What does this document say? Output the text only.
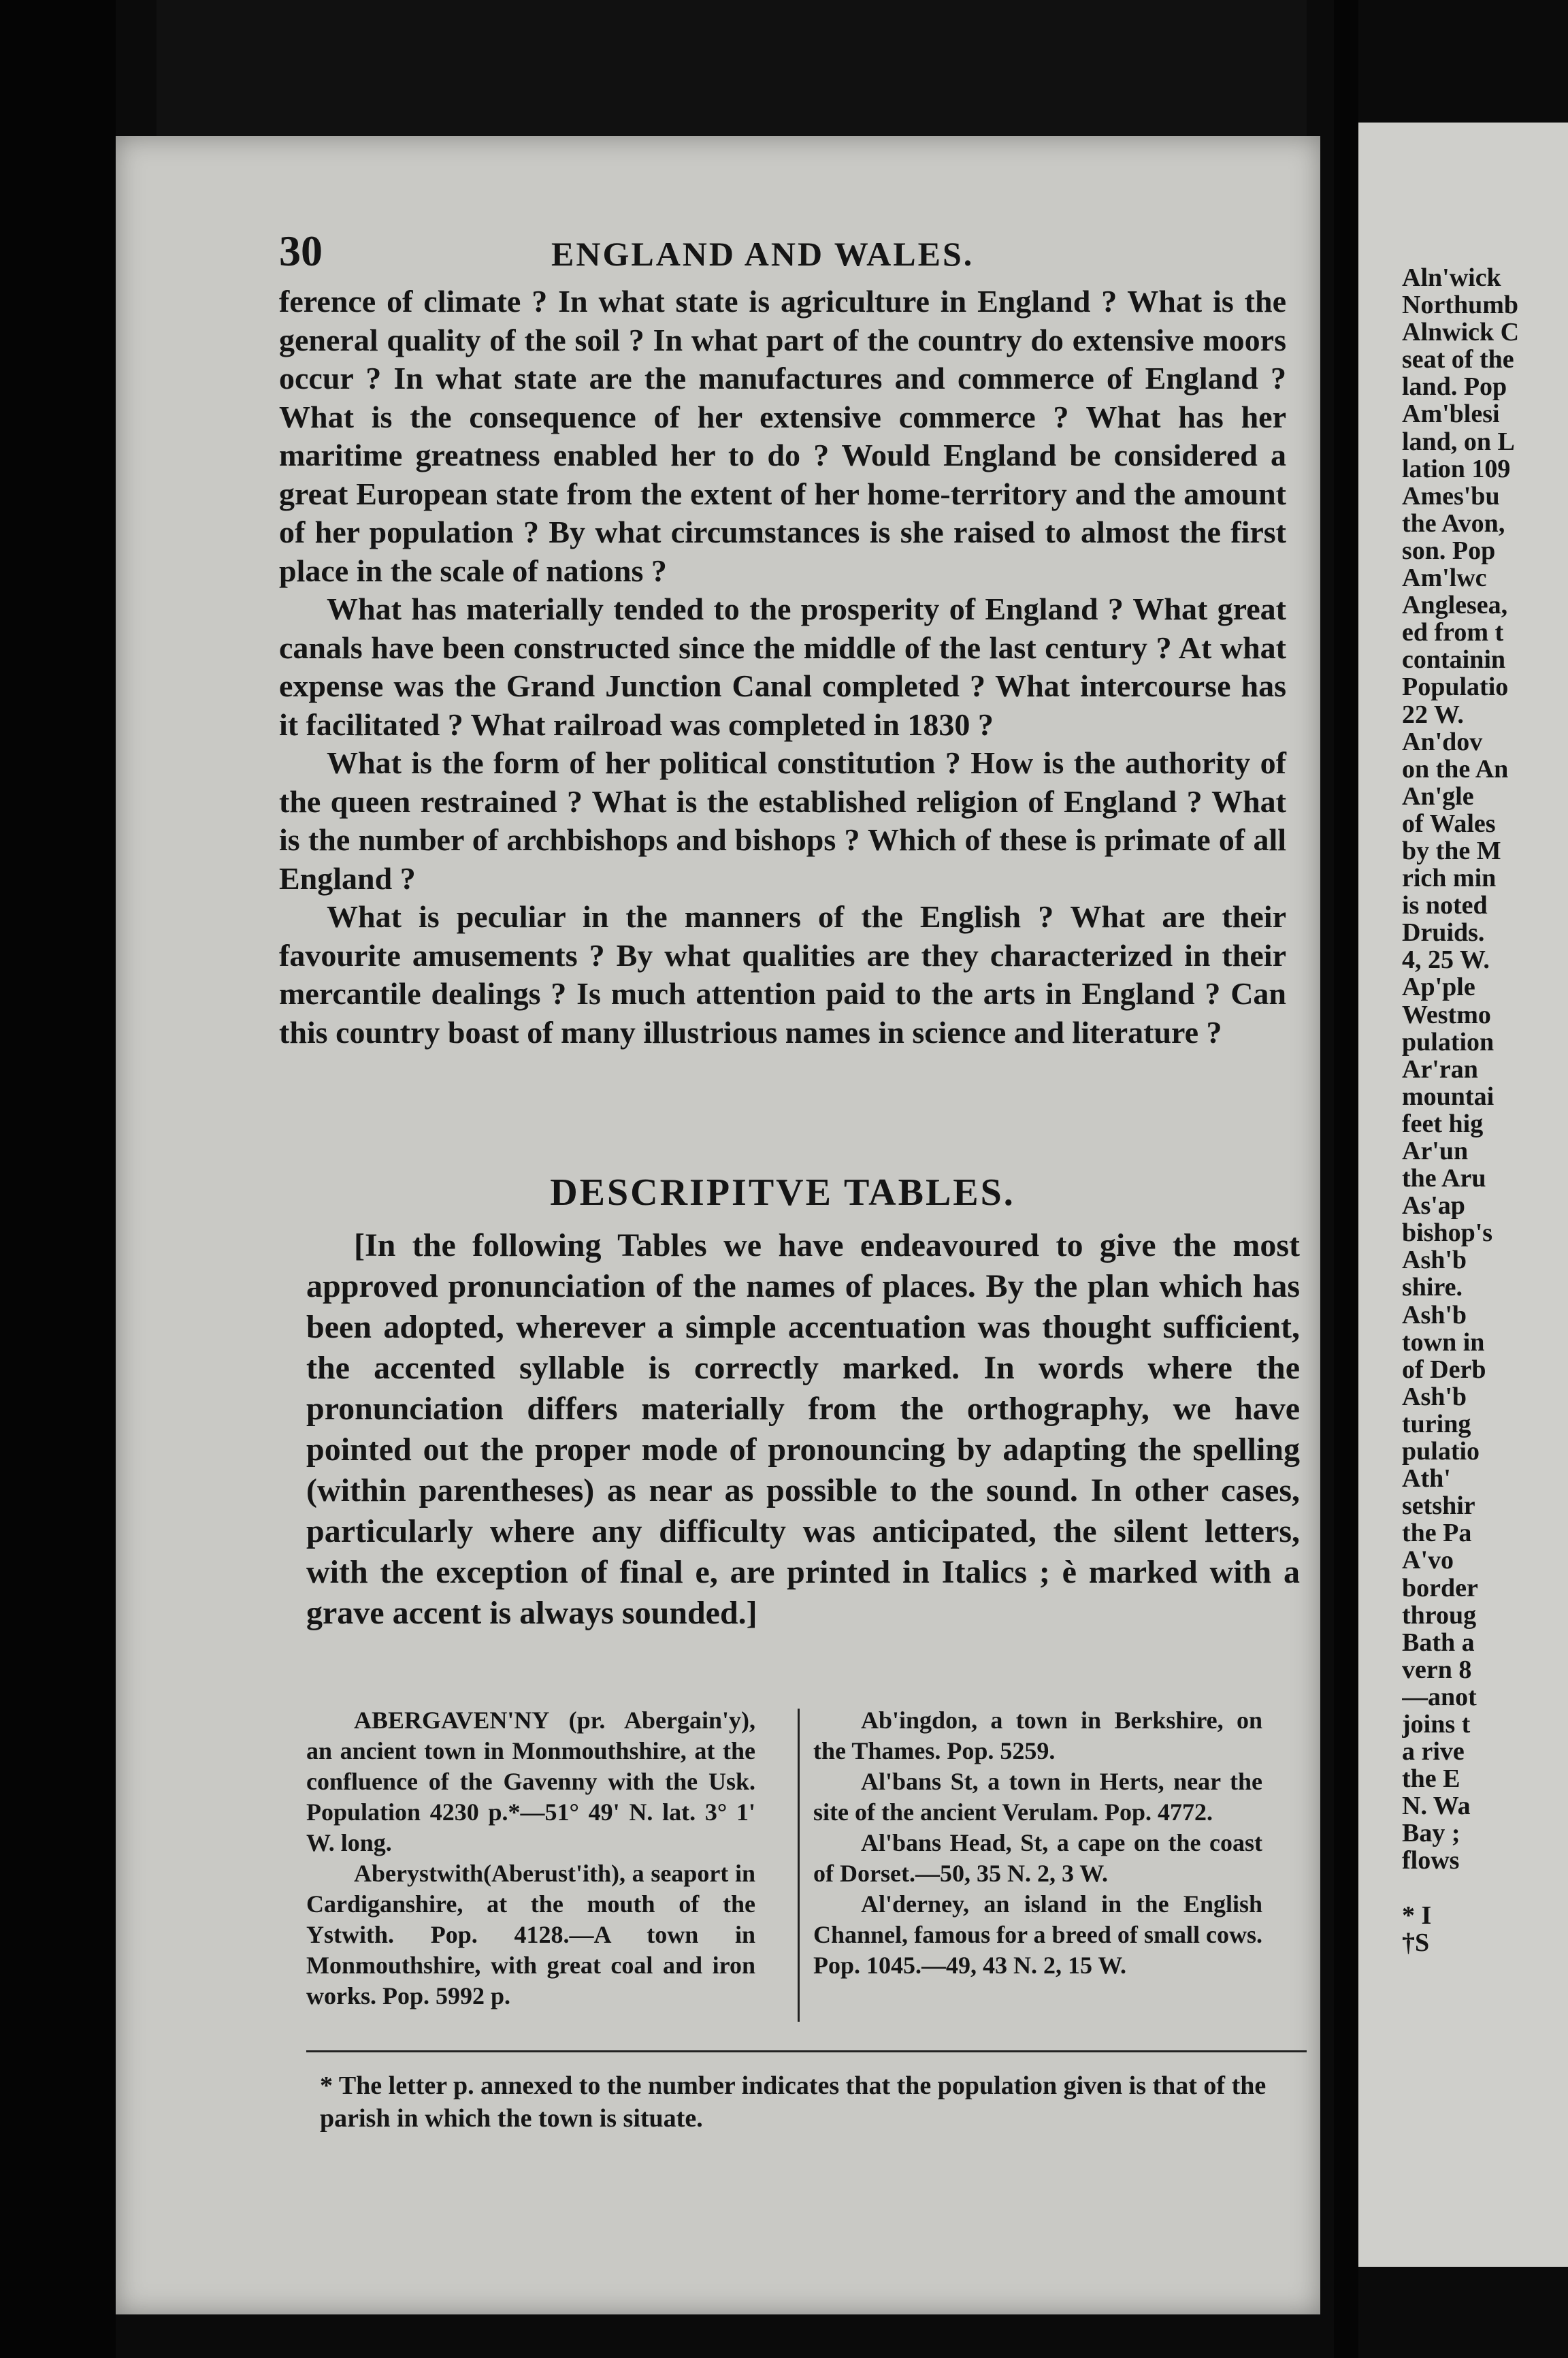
30	ENGLAND AND WALES.

ference of climate ? In what state is agriculture in England ? What is the general quality of the soil ? In what part of the country do extensive moors occur ? In what state are the manufactures and commerce of England ? What is the consequence of her extensive commerce ? What has her maritime greatness enabled her to do ? Would England be considered a great European state from the extent of her home-territory and the amount of her population ? By what circumstances is she raised to almost the first place in the scale of nations ?

What has materially tended to the prosperity of England ? What great canals have been constructed since the middle of the last century ? At what expense was the Grand Junction Canal completed ? What intercourse has it facilitated ? What railroad was completed in 1830 ?

What is the form of her political constitution ? How is the authority of the queen restrained ? What is the established religion of England ? What is the number of archbishops and bishops ? Which of these is primate of all England ?

What is peculiar in the manners of the English ? What are their favourite amusements ? By what qualities are they characterized in their mercantile dealings ? Is much attention paid to the arts in England ? Can this country boast of many illustrious names in science and literature ?

DESCRIPITVE TABLES.

[In the following Tables we have endeavoured to give the most approved pronunciation of the names of places. By the plan which has been adopted, wherever a simple accentuation was thought sufficient, the accented syllable is correctly marked. In words where the pronunciation differs materially from the orthography, we have pointed out the proper mode of pronouncing by adapting the spelling (within parentheses) as near as possible to the sound. In other cases, particularly where any difficulty was anticipated, the silent letters, with the exception of final e, are printed in Italics ; è marked with a grave accent is always sounded.]

ABERGAVEN'NY (pr. Abergain'y), an ancient town in Monmouthshire, at the confluence of the Gavenny with the Usk. Population 4230 p.*—51° 49' N. lat. 3° 1' W. long.

Aberystwith(Aberust'ith), a seaport in Cardiganshire, at the mouth of the Ystwith. Pop. 4128.—A town in Monmouthshire, with great coal and iron works. Pop. 5992 p.

Ab'ingdon, a town in Berkshire, on the Thames. Pop. 5259.

Al'bans St, a town in Herts, near the site of the ancient Verulam. Pop. 4772.

Al'bans Head, St, a cape on the coast of Dorset.—50, 35 N. 2, 3 W.

Al'derney, an island in the English Channel, famous for a breed of small cows. Pop. 1045.—49, 43 N. 2, 15 W.

* The letter p. annexed to the number indicates that the population given is that of the parish in which the town is situate.
Aln'wick
Northumb
Alnwick C
seat of the
land. Pop
Am'blesi
land, on L
lation 109
Ames'bu
the Avon,
son. Pop
Am'lwc
Anglesea,
ed from t
containin
Populatio
22 W.
An'dov
on the An
An'gle
of Wales
by the M
rich min
is noted
Druids.
4, 25 W.
Ap'ple
Westmo
pulation
Ar'ran
mountai
feet hig
Ar'un
the Aru
As'ap
bishop's
Ash'b
shire.
Ash'b
town in
of Derb
Ash'b
turing
pulatio
Ath'
setshir
the Pa
A'vo
border
throug
Bath a
vern 8
—anot
joins t
a rive
the E
N. Wa
Bay ;
flows
* I
†S
